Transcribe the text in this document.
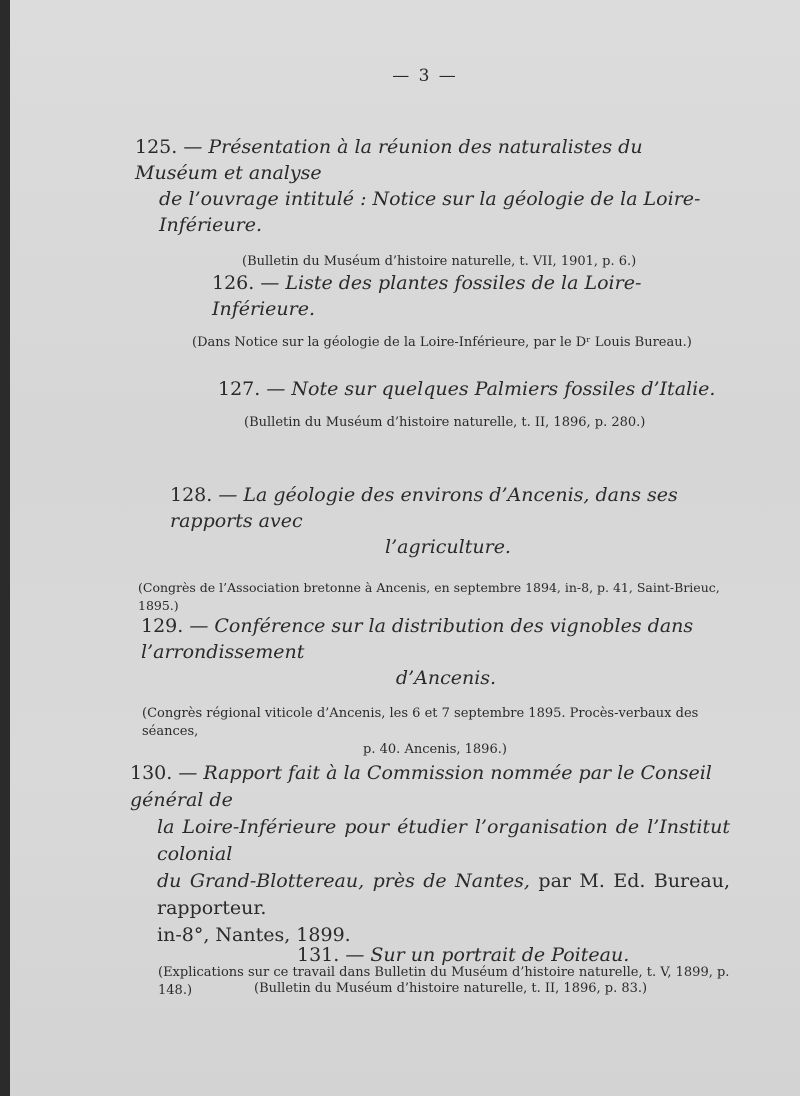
— 3 —
125. — Présentation à la réunion des naturalistes du Muséum et analyse
de l’ouvrage intitulé : Notice sur la géologie de la Loire-Inférieure.
(Bulletin du Muséum d’histoire naturelle, t. VII, 1901, p. 6.)
126. — Liste des plantes fossiles de la Loire-Inférieure.
(Dans Notice sur la géologie de la Loire-Inférieure, par le Dʳ Louis Bureau.)
127. — Note sur quelques Palmiers fossiles d’Italie.
(Bulletin du Muséum d’histoire naturelle, t. II, 1896, p. 280.)
128. — La géologie des environs d’Ancenis, dans ses rapports avec
l’agriculture.
(Congrès de l’Association bretonne à Ancenis, en septembre 1894, in-8, p. 41, Saint-Brieuc, 1895.)
129. — Conférence sur la distribution des vignobles dans l’arrondissement
d’Ancenis.
(Congrès régional viticole d’Ancenis, les 6 et 7 septembre 1895. Procès-verbaux des séances,
p. 40. Ancenis, 1896.)
130. — Rapport fait à la Commission nommée par le Conseil général de
la Loire-Inférieure pour étudier l’organisation de l’Institut colonial
du Grand-Blottereau, près de Nantes, par M. Ed. Bureau, rapporteur.
in-8°, Nantes, 1899.
(Explications sur ce travail dans Bulletin du Muséum d’histoire naturelle, t. V, 1899, p. 148.)
131. — Sur un portrait de Poiteau.
(Bulletin du Muséum d’histoire naturelle, t. II, 1896, p. 83.)
